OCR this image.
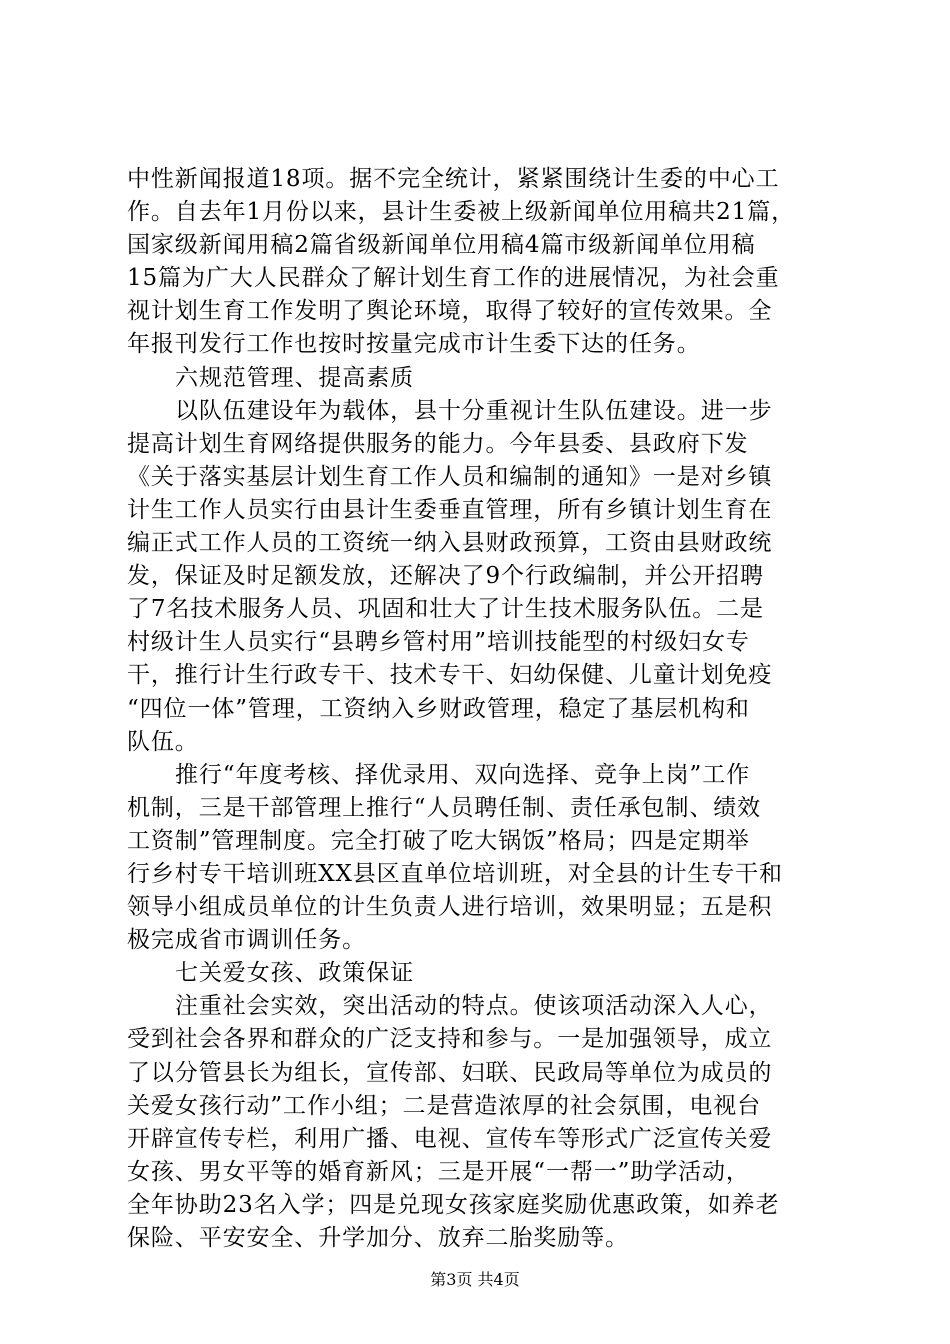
中性新闻报道18项。据不完全统计，紧紧围绕计生委的中心工
作。自去年1月份以来，县计生委被上级新闻单位用稿共21篇，
国家级新闻用稿2篇省级新闻单位用稿4篇市级新闻单位用稿
15篇为广大人民群众了解计划生育工作的进展情况，为社会重
视计划生育工作发明了舆论环境，取得了较好的宣传效果。全
年报刊发行工作也按时按量完成市计生委下达的任务。
六规范管理、提高素质
以队伍建设年为载体，县十分重视计生队伍建设。进一步
提高计划生育网络提供服务的能力。今年县委、县政府下发
《关于落实基层计划生育工作人员和编制的通知》一是对乡镇
计生工作人员实行由县计生委垂直管理，所有乡镇计划生育在
编正式工作人员的工资统一纳入县财政预算，工资由县财政统
发，保证及时足额发放，还解决了9个行政编制，并公开招聘
了7名技术服务人员、巩固和壮大了计生技术服务队伍。二是
村级计生人员实行“县聘乡管村用”培训技能型的村级妇女专
干，推行计生行政专干、技术专干、妇幼保健、儿童计划免疫
“四位一体”管理，工资纳入乡财政管理，稳定了基层机构和
队伍。
推行“年度考核、择优录用、双向选择、竞争上岗”工作
机制，三是干部管理上推行“人员聘任制、责任承包制、绩效
工资制”管理制度。完全打破了吃大锅饭”格局；四是定期举
行乡村专干培训班XX县区直单位培训班，对全县的计生专干和
领导小组成员单位的计生负责人进行培训，效果明显；五是积
极完成省市调训任务。
七关爱女孩、政策保证
注重社会实效，突出活动的特点。使该项活动深入人心，
受到社会各界和群众的广泛支持和参与。一是加强领导，成立
了以分管县长为组长，宣传部、妇联、民政局等单位为成员的
关爱女孩行动”工作小组；二是营造浓厚的社会氛围，电视台
开辟宣传专栏，利用广播、电视、宣传车等形式广泛宣传关爱
女孩、男女平等的婚育新风；三是开展“一帮一”助学活动，
全年协助23名入学；四是兑现女孩家庭奖励优惠政策，如养老
保险、平安安全、升学加分、放弃二胎奖励等。
第3页 共4页
